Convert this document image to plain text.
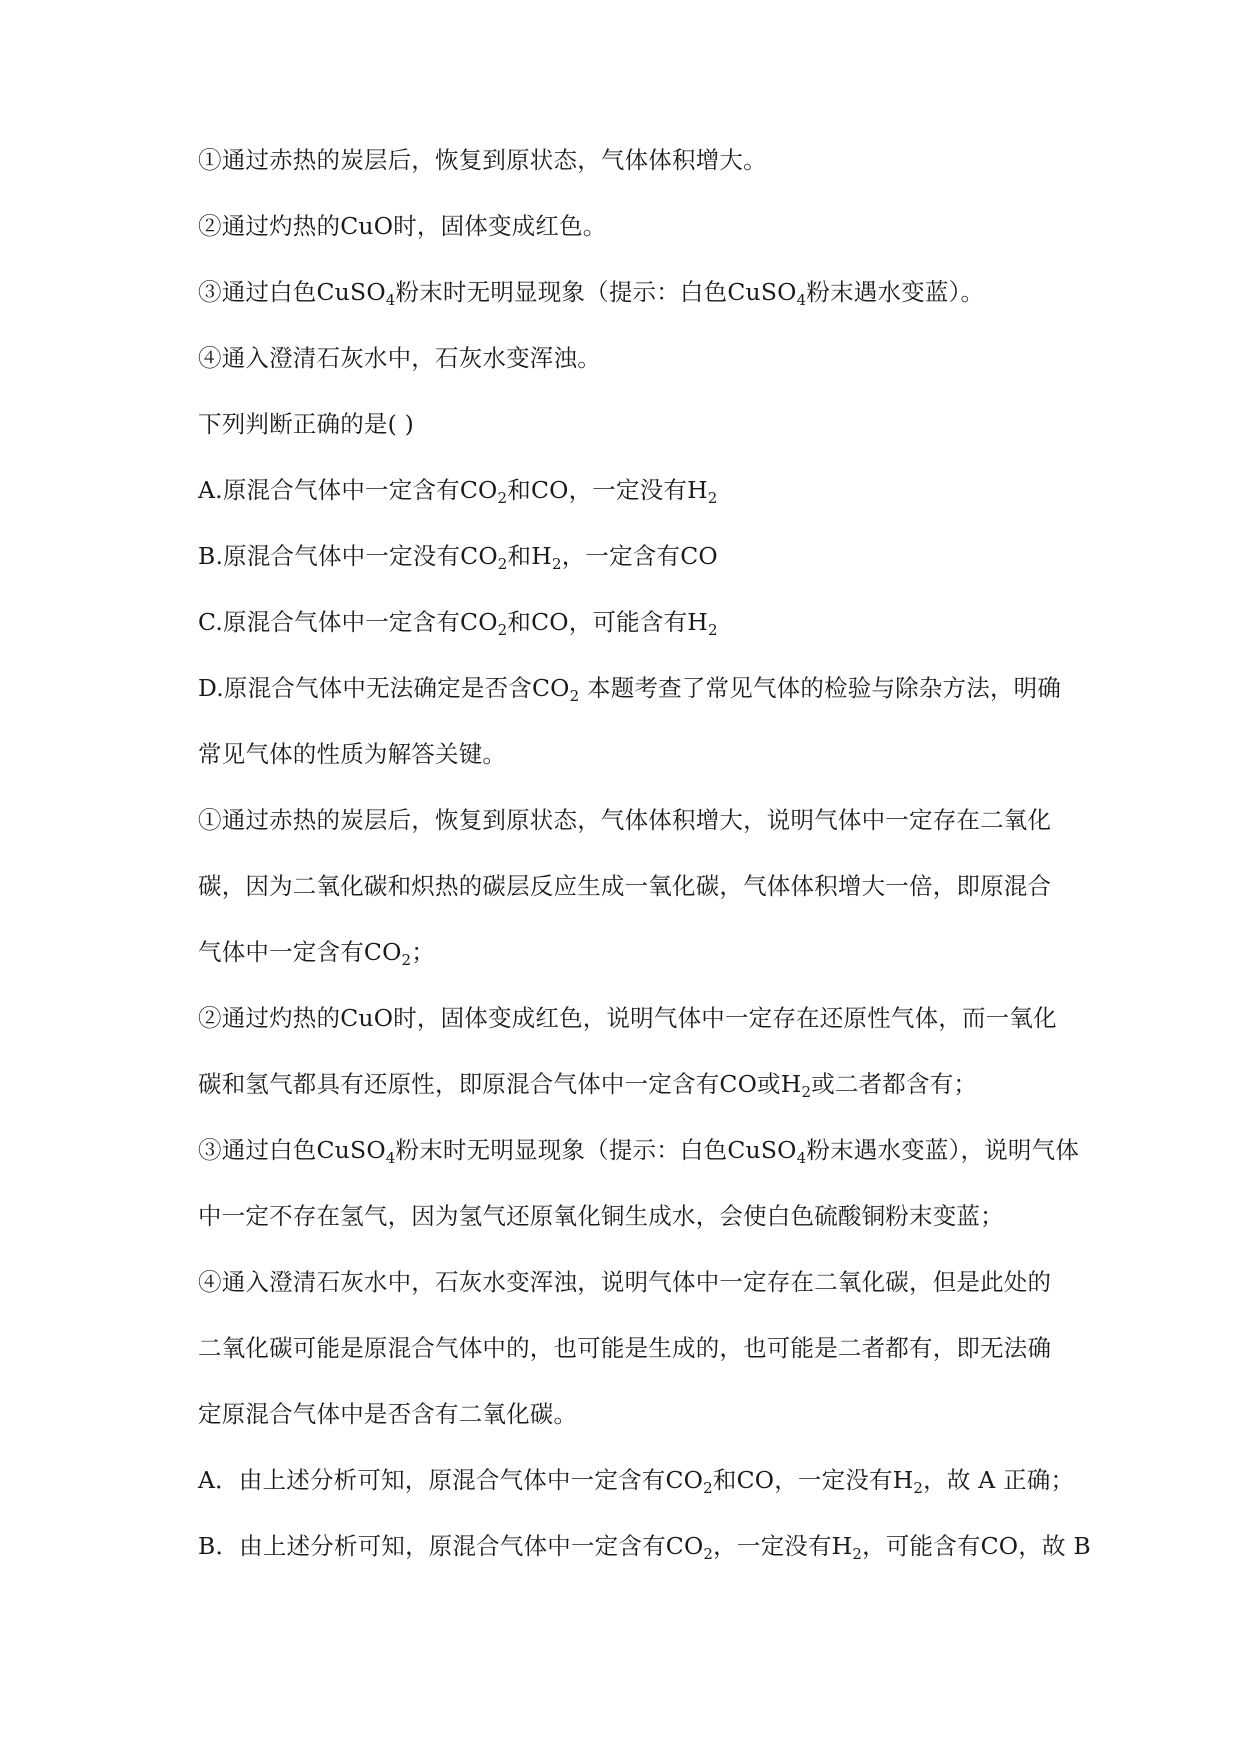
①通过赤热的炭层后，恢复到原状态，气体体积增大。

②通过灼热的CuO时，固体变成红色。

③通过白色CuSO$_4$粉末时无明显现象（提示：白色CuSO$_4$粉末遇水变蓝）。

④通入澄清石灰水中，石灰水变浑浊。

下列判断正确的是( )

A.原混合气体中一定含有$CO_2$和CO，一定没有$H_2$

B.原混合气体中一定没有$CO_2$和$H_2$，一定含有CO

C.原混合气体中一定含有$CO_2$和CO，可能含有$H_2$

D.原混合气体中无法确定是否含$CO_2$ 本题考查了常见气体的检验与除杂方法，明确

常见气体的性质为解答关键。

①通过赤热的炭层后，恢复到原状态，气体体积增大，说明气体中一定存在二氧化

碳，因为二氧化碳和炽热的碳层反应生成一氧化碳，气体体积增大一倍，即原混合

气体中一定含有$CO_2$；

②通过灼热的CuO时，固体变成红色，说明气体中一定存在还原性气体，而一氧化

碳和氢气都具有还原性，即原混合气体中一定含有CO或$H_2$或二者都含有；

③通过白色CuSO$_4$粉末时无明显现象（提示：白色CuSO$_4$粉末遇水变蓝），说明气体

中一定不存在氢气，因为氢气还原氧化铜生成水，会使白色硫酸铜粉末变蓝；

④通入澄清石灰水中，石灰水变浑浊，说明气体中一定存在二氧化碳，但是此处的

二氧化碳可能是原混合气体中的，也可能是生成的，也可能是二者都有，即无法确

定原混合气体中是否含有二氧化碳。

A．由上述分析可知，原混合气体中一定含有$CO_2$和CO，一定没有$H_2$，故 A 正确；

B．由上述分析可知，原混合气体中一定含有$CO_2$，一定没有$H_2$，可能含有CO，故 B
